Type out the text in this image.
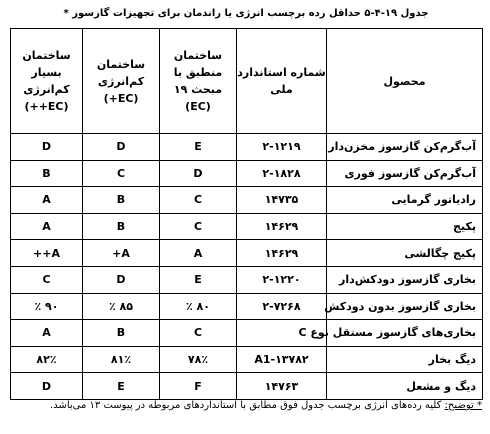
جدول ۱۹-۴-۵ حداقل رده برچسب انرژی یا راندمان برای تجهیزات گازسوز *
محصول	شماره استاندارد ملی	ساختمان منطبق با مبحث ۱۹ (EC)	ساختمان کم‌انرژی (EC+)	ساختمان بسیار کم‌انرژی (EC++)
آب‌گرم‌کن گازسوز مخزن‌دار	۲-۱۲۱۹	E	D	D
آب‌گرم‌کن گازسوز فوری	۲-۱۸۲۸	D	C	B
رادیاتور گرمایی	۱۴۷۳۵	C	B	A
پکیج	۱۴۶۲۹	C	B	A
پکیج چگالشی	۱۴۶۲۹	A	A+	A++
بخاری گازسوز دودکش‌دار	۲-۱۲۲۰	E	D	C
بخاری گازسوز بدون دودکش	۲-۷۲۶۸	۸۰ ٪	۸۵ ٪	۹۰ ٪
بخاری‌های گازسوز مستقل نوع C		C	B	A
دیگ بخار	A1-۱۳۷۸۲	۷۸٪	۸۱٪	۸۲٪
دیگ و مشعل	۱۴۷۶۳	F	E	D
* توضیح: کلیه رده‌های انرژی برچسب جدول فوق مطابق با استانداردهای مربوطه در پیوست ۱۳ می‌باشد.
